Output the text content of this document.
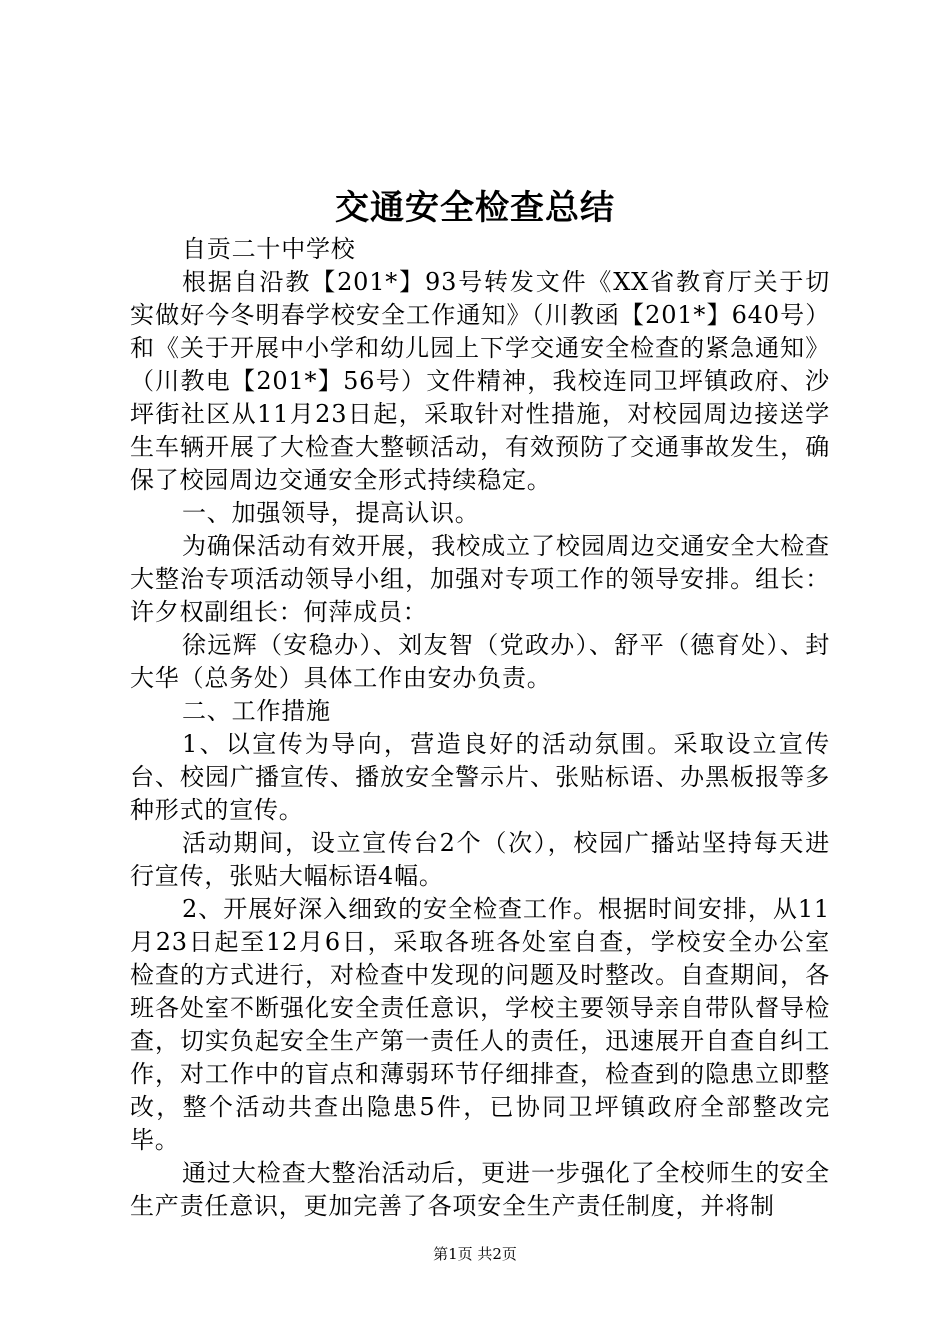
交通安全检查总结

自贡二十中学校

根据自沿教【201*】93号转发文件《XX省教育厅关于切实做好今冬明春学校安全工作通知》（川教函【201*】640号）和《关于开展中小学和幼儿园上下学交通安全检查的紧急通知》（川教电【201*】56号）文件精神，我校连同卫坪镇政府、沙坪街社区从11月23日起，采取针对性措施，对校园周边接送学生车辆开展了大检查大整顿活动，有效预防了交通事故发生，确保了校园周边交通安全形式持续稳定。

一、加强领导，提高认识。

为确保活动有效开展，我校成立了校园周边交通安全大检查大整治专项活动领导小组，加强对专项工作的领导安排。组长：许夕权副组长：何萍成员：

徐远辉（安稳办）、刘友智（党政办）、舒平（德育处）、封大华（总务处）具体工作由安办负责。

二、工作措施

1、以宣传为导向，营造良好的活动氛围。采取设立宣传台、校园广播宣传、播放安全警示片、张贴标语、办黑板报等多种形式的宣传。

活动期间，设立宣传台2个（次），校园广播站坚持每天进行宣传，张贴大幅标语4幅。

2、开展好深入细致的安全检查工作。根据时间安排，从11月23日起至12月6日，采取各班各处室自查，学校安全办公室检查的方式进行，对检查中发现的问题及时整改。自查期间，各班各处室不断强化安全责任意识，学校主要领导亲自带队督导检查，切实负起安全生产第一责任人的责任，迅速展开自查自纠工作，对工作中的盲点和薄弱环节仔细排查，检查到的隐患立即整改，整个活动共查出隐患5件，已协同卫坪镇政府全部整改完毕。

通过大检查大整治活动后，更进一步强化了全校师生的安全生产责任意识，更加完善了各项安全生产责任制度，并将制

第1页 共2页
